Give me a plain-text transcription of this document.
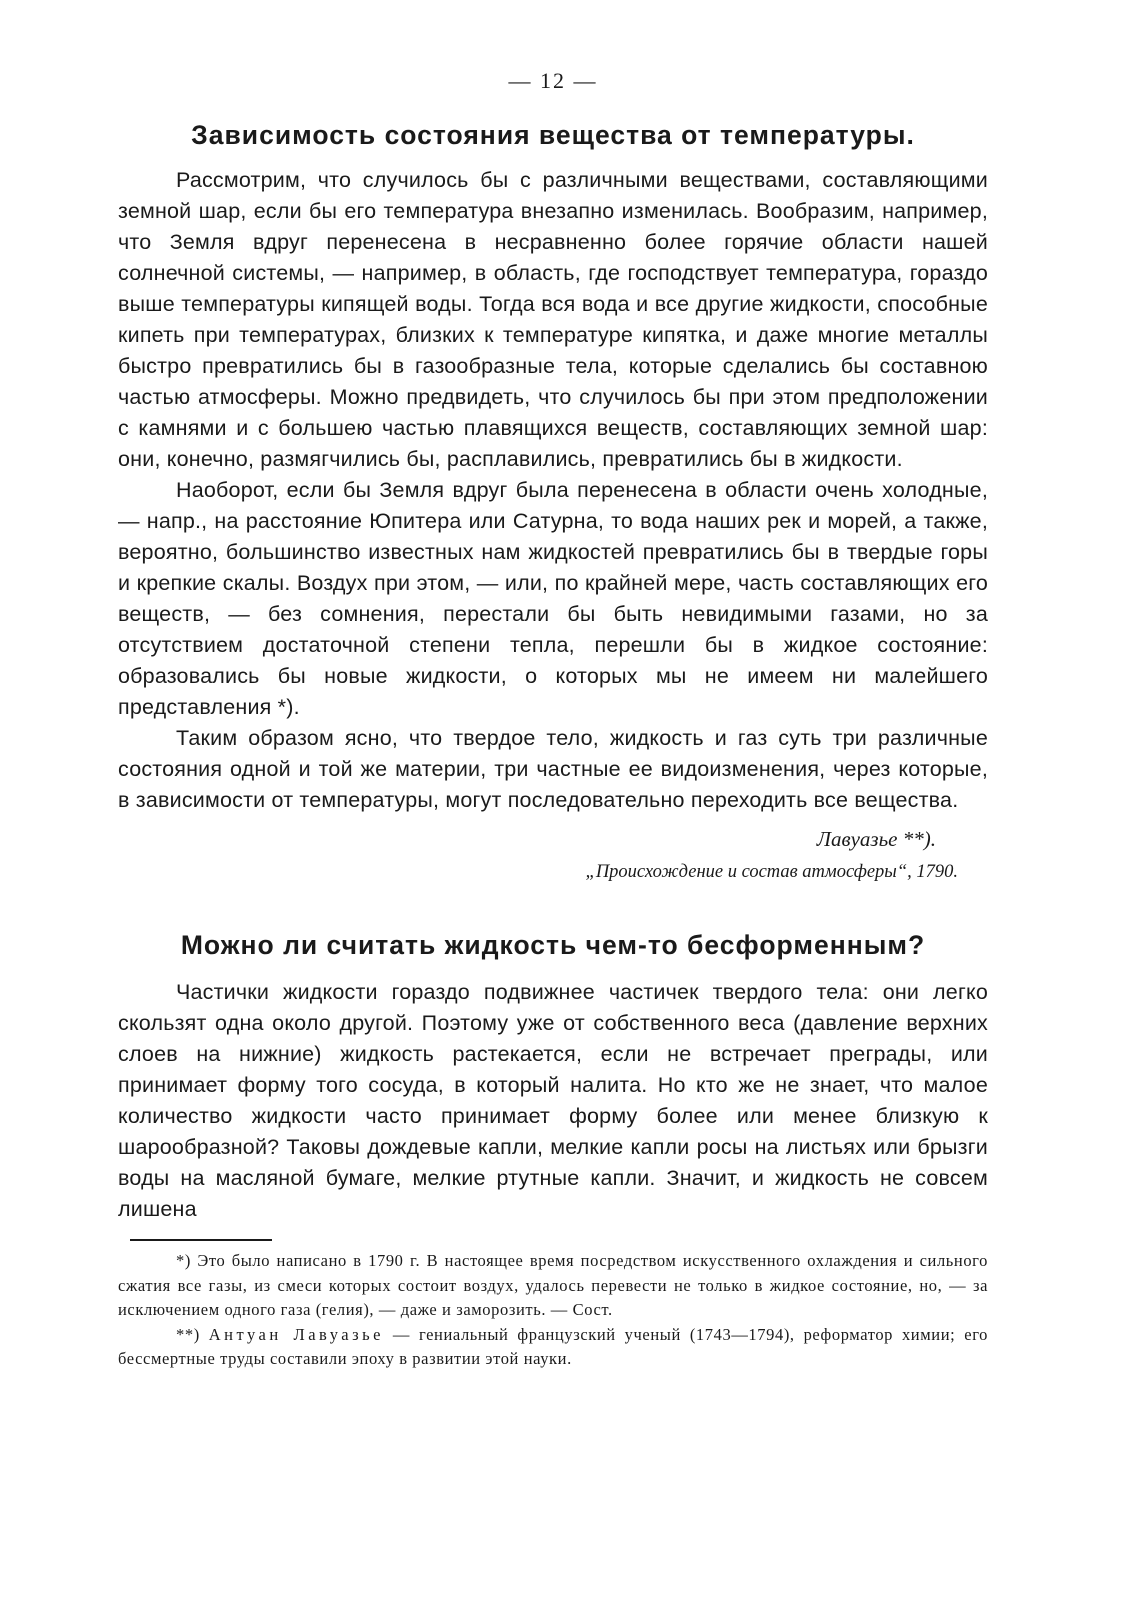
— 12 —
Зависимость состояния вещества от температуры.

Рассмотрим, что случилось бы с различными веществами, составляющими земной шар, если бы его температура внезапно изменилась. Вообразим, например, что Земля вдруг перенесена в несравненно более горячие области нашей солнечной системы, — например, в область, где господствует температура, гораздо выше температуры кипящей воды. Тогда вся вода и все другие жидкости, способные кипеть при температурах, близких к температуре кипятка, и даже многие металлы быстро превратились бы в газообразные тела, которые сделались бы составною частью атмосферы. Можно предвидеть, что случилось бы при этом предположении с камнями и с большею частью плавящихся веществ, составляющих земной шар: они, конечно, размягчились бы, расплавились, превратились бы в жидкости.

Наоборот, если бы Земля вдруг была перенесена в области очень холодные, — напр., на расстояние Юпитера или Сатурна, то вода наших рек и морей, а также, вероятно, большинство известных нам жидкостей превратились бы в твердые горы и крепкие скалы. Воздух при этом, — или, по крайней мере, часть составляющих его веществ, — без сомнения, перестали бы быть невидимыми газами, но за отсутствием достаточной степени тепла, перешли бы в жидкое состояние: образовались бы новые жидкости, о которых мы не имеем ни малейшего представления *).

Таким образом ясно, что твердое тело, жидкость и газ суть три различные состояния одной и той же материи, три частные ее видоизменения, через которые, в зависимости от температуры, могут последовательно переходить все вещества.

Лавуазье **).
„Происхождение и состав атмосферы“, 1790.
Можно ли считать жидкость чем-то бесформенным?

Частички жидкости гораздо подвижнее частичек твердого тела: они легко скользят одна около другой. Поэтому уже от собственного веса (давление верхних слоев на нижние) жидкость растекается, если не встречает преграды, или принимает форму того сосуда, в который налита. Но кто же не знает, что малое количество жидкости часто принимает форму более или менее близкую к шарообразной? Таковы дождевые капли, мелкие капли росы на листьях или брызги воды на масляной бумаге, мелкие ртутные капли. Значит, и жидкость не совсем лишена

*) Это было написано в 1790 г. В настоящее время посредством искусственного охлаждения и сильного сжатия все газы, из смеси которых состоит воздух, удалось перевести не только в жидкое состояние, но, — за исключением одного газа (гелия), — даже и заморозить. — Сост.

**) Антуан Лавуазье — гениальный французский ученый (1743—1794), реформатор химии; его бессмертные труды составили эпоху в развитии этой науки.
